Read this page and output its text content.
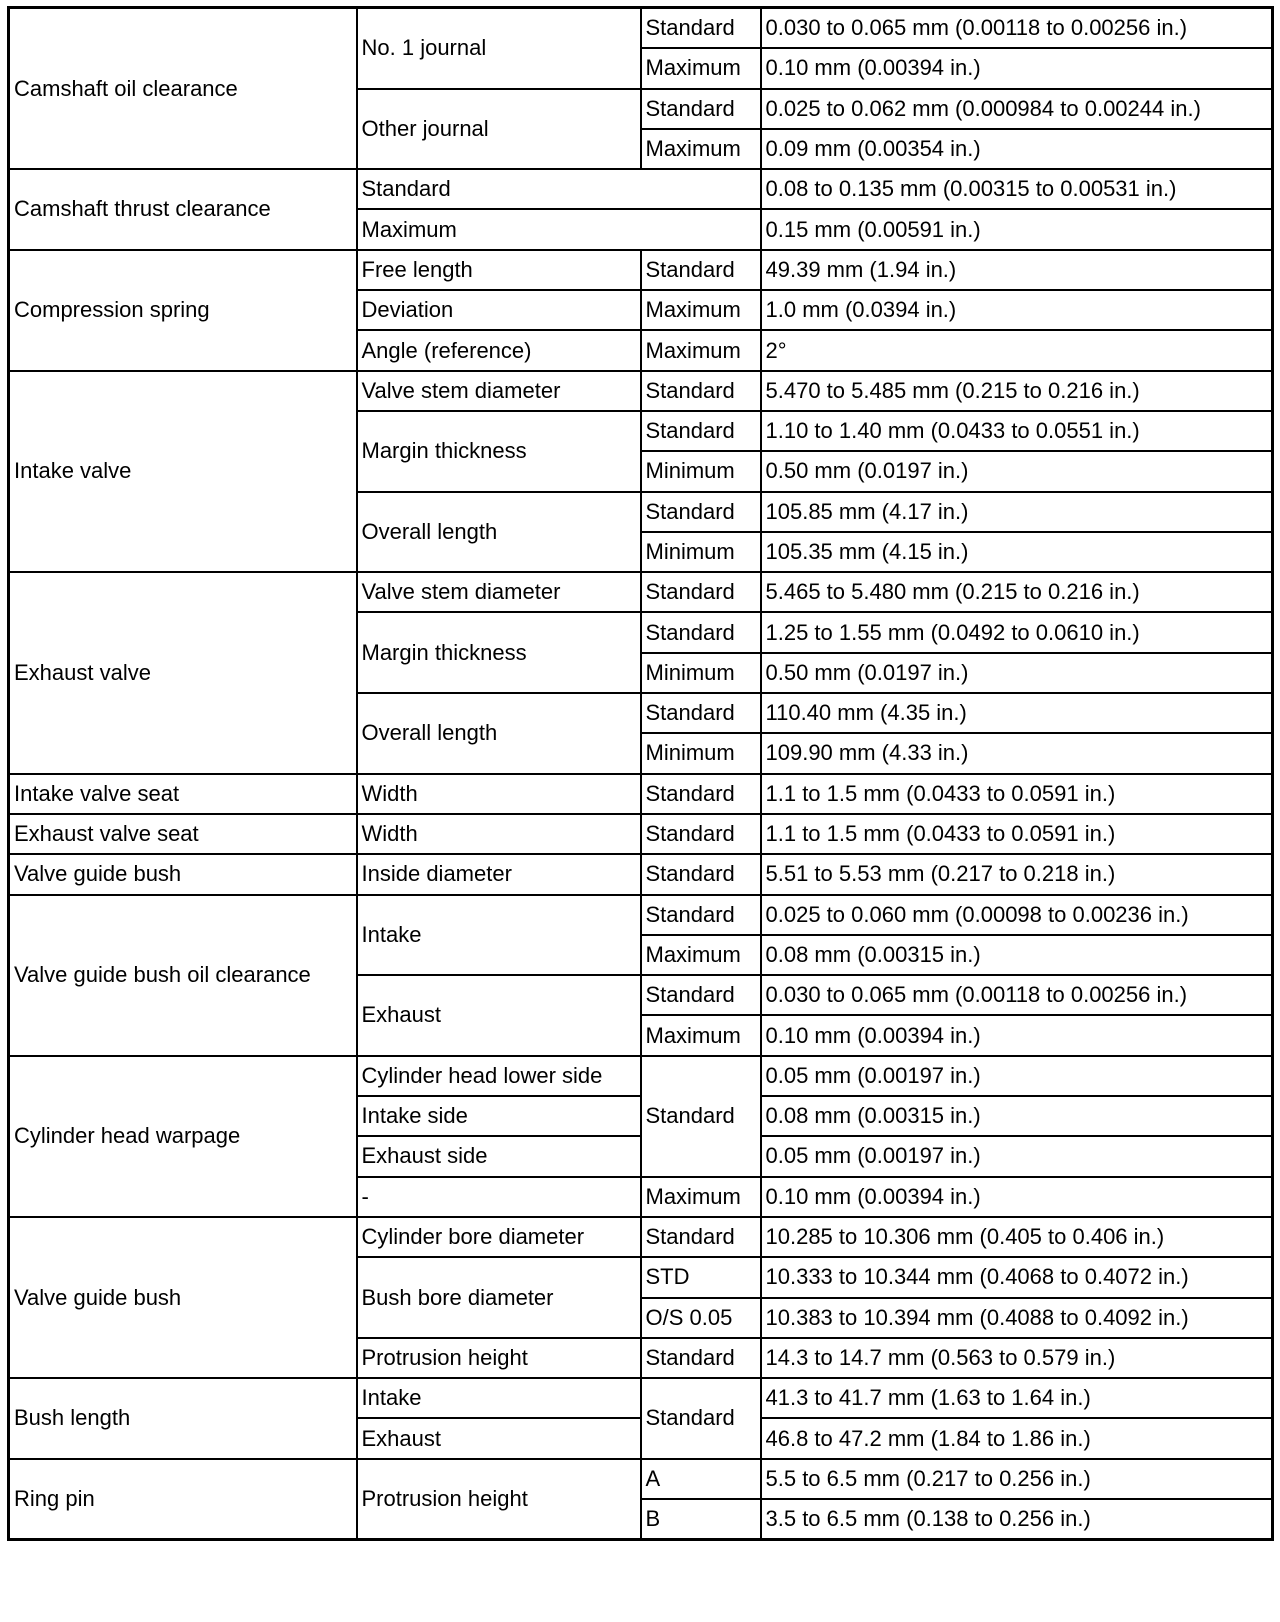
Camshaft oil clearance	No. 1 journal	Standard	0.030 to 0.065 mm (0.00118 to 0.00256 in.)
		Maximum	0.10 mm (0.00394 in.)
	Other journal	Standard	0.025 to 0.062 mm (0.000984 to 0.00244 in.)
		Maximum	0.09 mm (0.00354 in.)
Camshaft thrust clearance	Standard		0.08 to 0.135 mm (0.00315 to 0.00531 in.)
	Maximum		0.15 mm (0.00591 in.)
Compression spring	Free length	Standard	49.39 mm (1.94 in.)
	Deviation	Maximum	1.0 mm (0.0394 in.)
	Angle (reference)	Maximum	2°
Intake valve	Valve stem diameter	Standard	5.470 to 5.485 mm (0.215 to 0.216 in.)
	Margin thickness	Standard	1.10 to 1.40 mm (0.0433 to 0.0551 in.)
		Minimum	0.50 mm (0.0197 in.)
	Overall length	Standard	105.85 mm (4.17 in.)
		Minimum	105.35 mm (4.15 in.)
Exhaust valve	Valve stem diameter	Standard	5.465 to 5.480 mm (0.215 to 0.216 in.)
	Margin thickness	Standard	1.25 to 1.55 mm (0.0492 to 0.0610 in.)
		Minimum	0.50 mm (0.0197 in.)
	Overall length	Standard	110.40 mm (4.35 in.)
		Minimum	109.90 mm (4.33 in.)
Intake valve seat	Width	Standard	1.1 to 1.5 mm (0.0433 to 0.0591 in.)
Exhaust valve seat	Width	Standard	1.1 to 1.5 mm (0.0433 to 0.0591 in.)
Valve guide bush	Inside diameter	Standard	5.51 to 5.53 mm (0.217 to 0.218 in.)
Valve guide bush oil clearance	Intake	Standard	0.025 to 0.060 mm (0.00098 to 0.00236 in.)
		Maximum	0.08 mm (0.00315 in.)
	Exhaust	Standard	0.030 to 0.065 mm (0.00118 to 0.00256 in.)
		Maximum	0.10 mm (0.00394 in.)
Cylinder head warpage	Cylinder head lower side	Standard	0.05 mm (0.00197 in.)
	Intake side		0.08 mm (0.00315 in.)
	Exhaust side		0.05 mm (0.00197 in.)
	-	Maximum	0.10 mm (0.00394 in.)
Valve guide bush	Cylinder bore diameter	Standard	10.285 to 10.306 mm (0.405 to 0.406 in.)
	Bush bore diameter	STD	10.333 to 10.344 mm (0.4068 to 0.4072 in.)
		O/S 0.05	10.383 to 10.394 mm (0.4088 to 0.4092 in.)
	Protrusion height	Standard	14.3 to 14.7 mm (0.563 to 0.579 in.)
Bush length	Intake	Standard	41.3 to 41.7 mm (1.63 to 1.64 in.)
	Exhaust		46.8 to 47.2 mm (1.84 to 1.86 in.)
Ring pin	Protrusion height	A	5.5 to 6.5 mm (0.217 to 0.256 in.)
		B	3.5 to 6.5 mm (0.138 to 0.256 in.)
